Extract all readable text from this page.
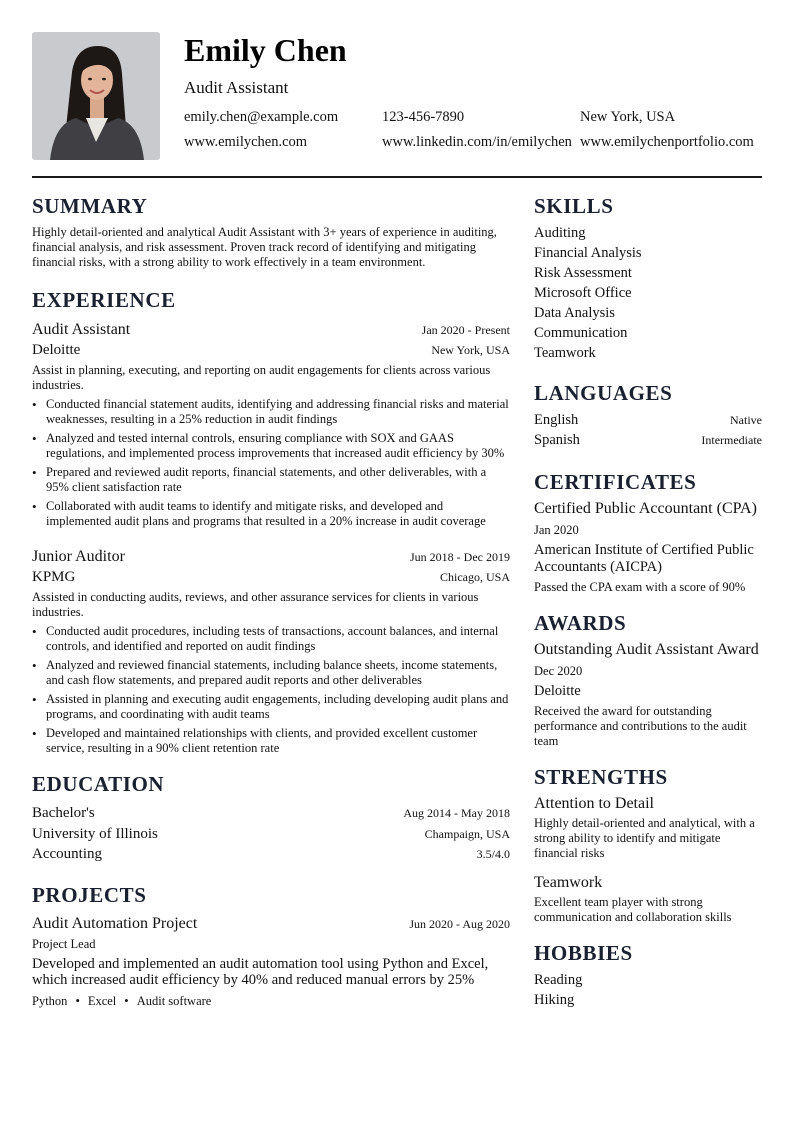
Emily Chen
Audit Assistant
emily.chen@example.com	123-456-7890	New York, USA
www.emilychen.com	www.linkedin.com/in/emilychen www.emilychenportfolio.com
SUMMARY
Highly detail-oriented and analytical Audit Assistant with 3+ years of experience in auditing, financial analysis, and risk assessment. Proven track record of identifying and mitigating financial risks, with a strong ability to work effectively in a team environment.
EXPERIENCE
Audit Assistant	Jan 2020 - Present
Deloitte	New York, USA
Assist in planning, executing, and reporting on audit engagements for clients across various industries.
• Conducted financial statement audits, identifying and addressing financial risks and material weaknesses, resulting in a 25% reduction in audit findings
• Analyzed and tested internal controls, ensuring compliance with SOX and GAAS regulations, and implemented process improvements that increased audit efficiency by 30%
• Prepared and reviewed audit reports, financial statements, and other deliverables, with a 95% client satisfaction rate
• Collaborated with audit teams to identify and mitigate risks, and developed and implemented audit plans and programs that resulted in a 20% increase in audit coverage
Junior Auditor	Jun 2018 - Dec 2019
KPMG	Chicago, USA
Assisted in conducting audits, reviews, and other assurance services for clients in various industries.
• Conducted audit procedures, including tests of transactions, account balances, and internal controls, and identified and reported on audit findings
• Analyzed and reviewed financial statements, including balance sheets, income statements, and cash flow statements, and prepared audit reports and other deliverables
• Assisted in planning and executing audit engagements, including developing audit plans and programs, and coordinating with audit teams
• Developed and maintained relationships with clients, and provided excellent customer service, resulting in a 90% client retention rate
EDUCATION
Bachelor's	Aug 2014 - May 2018
University of Illinois	Champaign, USA
Accounting	3.5/4.0
PROJECTS
Audit Automation Project	Jun 2020 - Aug 2020
Project Lead
Developed and implemented an audit automation tool using Python and Excel, which increased audit efficiency by 40% and reduced manual errors by 25%
Python • Excel • Audit software
SKILLS
Auditing
Financial Analysis
Risk Assessment
Microsoft Office
Data Analysis
Communication
Teamwork
LANGUAGES
English	Native
Spanish	Intermediate
CERTIFICATES
Certified Public Accountant (CPA)
Jan 2020
American Institute of Certified Public Accountants (AICPA)
Passed the CPA exam with a score of 90%
AWARDS
Outstanding Audit Assistant Award
Dec 2020
Deloitte
Received the award for outstanding performance and contributions to the audit team
STRENGTHS
Attention to Detail
Highly detail-oriented and analytical, with a strong ability to identify and mitigate financial risks
Teamwork
Excellent team player with strong communication and collaboration skills
HOBBIES
Reading
Hiking
